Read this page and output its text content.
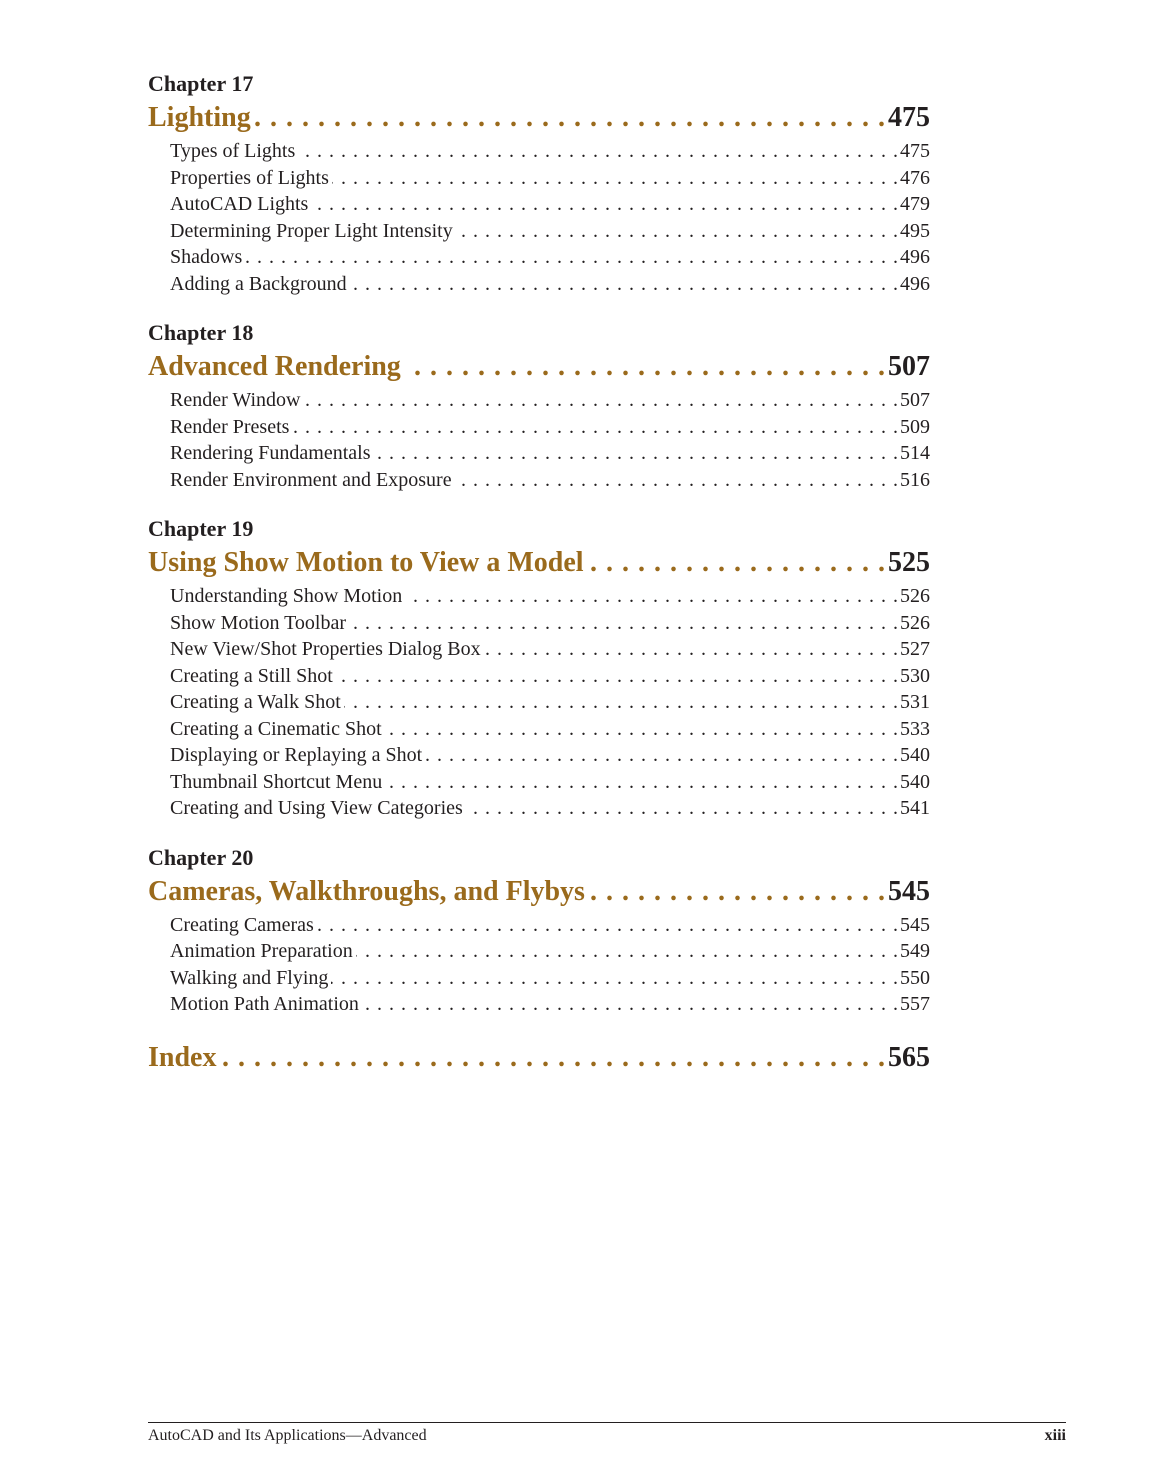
Chapter 17
Lighting . . .	475
Types of Lights . . .	475
Properties of Lights . . .	476
AutoCAD Lights . . .	479
Determining Proper Light Intensity . . .	495
Shadows . . .	496
Adding a Background . . .	496
Chapter 18
Advanced Rendering . . .	507
Render Window . . .	507
Render Presets . . .	509
Rendering Fundamentals . . .	514
Render Environment and Exposure . . .	516
Chapter 19
Using Show Motion to View a Model . . .	525
Understanding Show Motion . . .	526
Show Motion Toolbar . . .	526
New View/Shot Properties Dialog Box . . .	527
Creating a Still Shot . . .	530
Creating a Walk Shot . . .	531
Creating a Cinematic Shot . . .	533
Displaying or Replaying a Shot . . .	540
Thumbnail Shortcut Menu . . .	540
Creating and Using View Categories . . .	541
Chapter 20
Cameras, Walkthroughs, and Flybys . . .	545
Creating Cameras . . .	545
Animation Preparation . . .	549
Walking and Flying . . .	550
Motion Path Animation . . .	557
Index . . .	565
AutoCAD and Its Applications—Advanced	xiii
